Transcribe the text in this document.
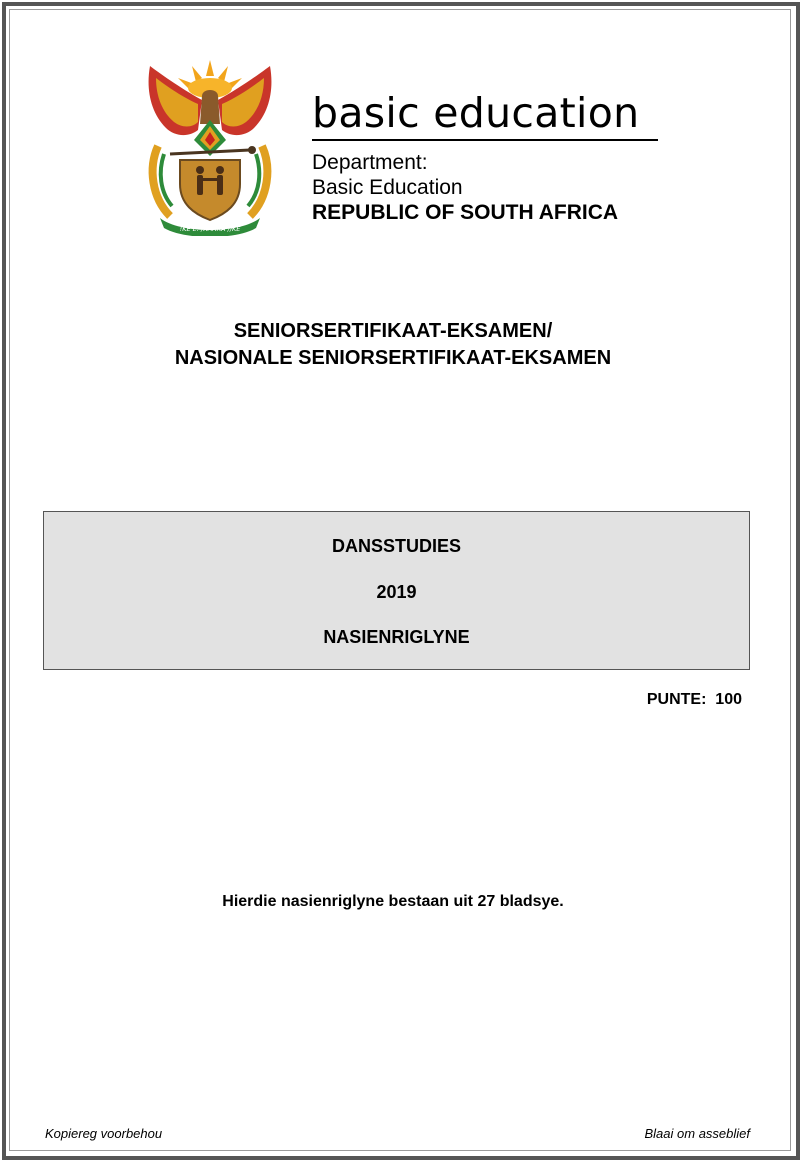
!KE E: /XARRA //KE
basic education
Department:
Basic Education
REPUBLIC OF SOUTH AFRICA
SENIORSERTIFIKAAT-EKSAMEN/
NASIONALE SENIORSERTIFIKAAT-EKSAMEN
DANSSTUDIES
2019
NASIENRIGLYNE
PUNTE: 100
Hierdie nasienriglyne bestaan uit 27 bladsye.
Kopiereg voorbehou	Blaai om asseblief
